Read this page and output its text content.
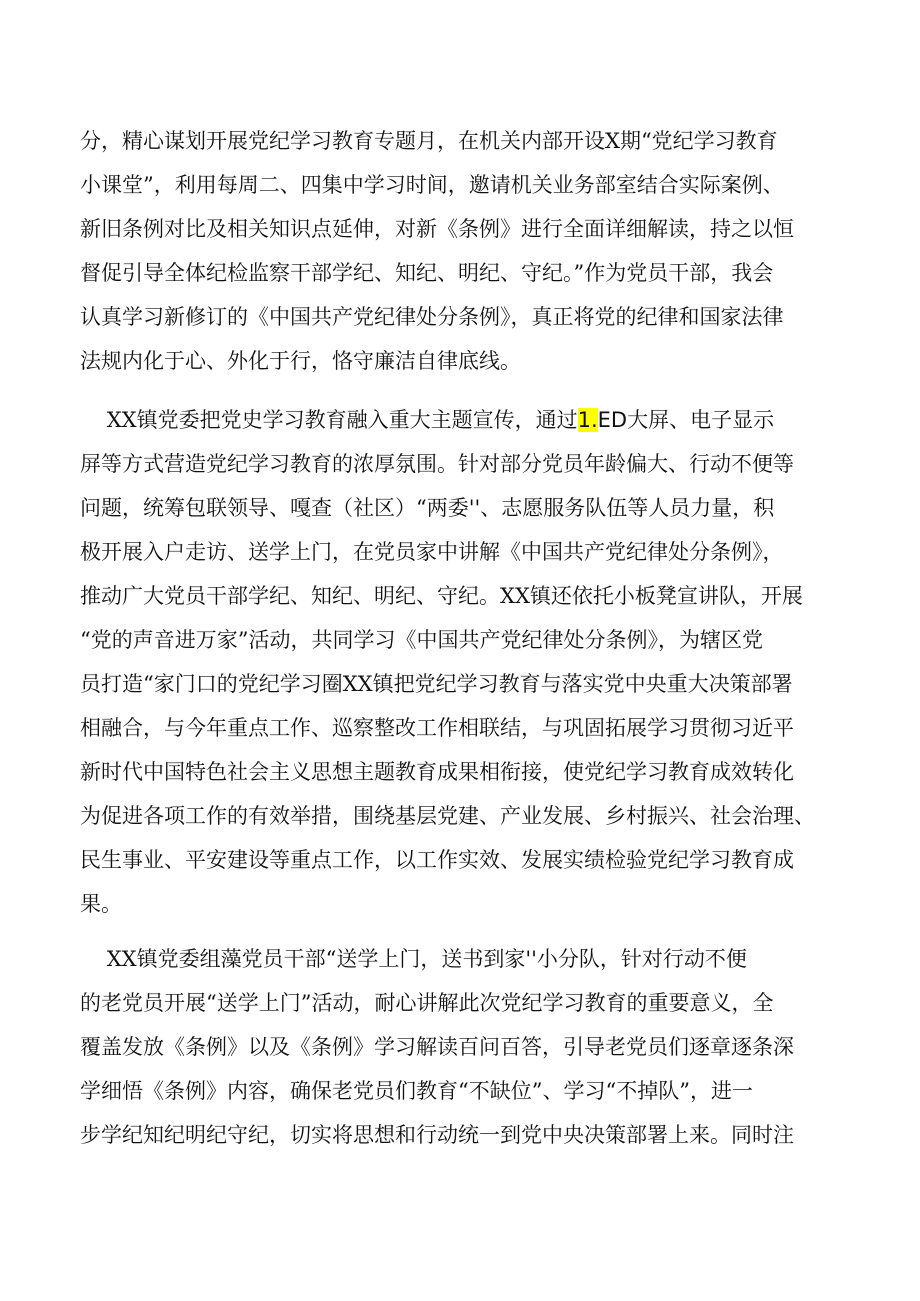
分，精心谋划开展党纪学习教育专题月，在机关内部开设X期“党纪学习教育
小课堂”，利用每周二、四集中学习时间，邀请机关业务部室结合实际案例、
新旧条例对比及相关知识点延伸，对新《条例》进行全面详细解读，持之以恒
督促引导全体纪检监察干部学纪、知纪、明纪、守纪。”作为党员干部，我会
认真学习新修订的《中国共产党纪律处分条例》，真正将党的纪律和国家法律
法规内化于心、外化于行，恪守廉洁自律底线。
XX镇党委把党史学习教育融入重大主题宣传，通过1.ED大屏、电子显示
屏等方式营造党纪学习教育的浓厚氛围。针对部分党员年龄偏大、行动不便等
问题，统筹包联领导、嘎查（社区）“两委''、志愿服务队伍等人员力量，积
极开展入户走访、送学上门，在党员家中讲解《中国共产党纪律处分条例》，
推动广大党员干部学纪、知纪、明纪、守纪。XX镇还依托小板凳宣讲队，开展
“党的声音进万家”活动，共同学习《中国共产党纪律处分条例》，为辖区党
员打造“家门口的党纪学习圈XX镇把党纪学习教育与落实党中央重大决策部署
相融合，与今年重点工作、巡察整改工作相联结，与巩固拓展学习贯彻习近平
新时代中国特色社会主义思想主题教育成果相衔接，使党纪学习教育成效转化
为促进各项工作的有效举措，围绕基层党建、产业发展、乡村振兴、社会治理、
民生事业、平安建设等重点工作，以工作实效、发展实绩检验党纪学习教育成
果。
XX镇党委组藻党员干部“送学上门，送书到家''小分队，针对行动不便
的老党员开展“送学上门”活动，耐心讲解此次党纪学习教育的重要意义，全
覆盖发放《条例》以及《条例》学习解读百问百答，引导老党员们逐章逐条深
学细悟《条例》内容，确保老党员们教育“不缺位”、学习“不掉队”，进一
步学纪知纪明纪守纪，切实将思想和行动统一到党中央决策部署上来。同时注
